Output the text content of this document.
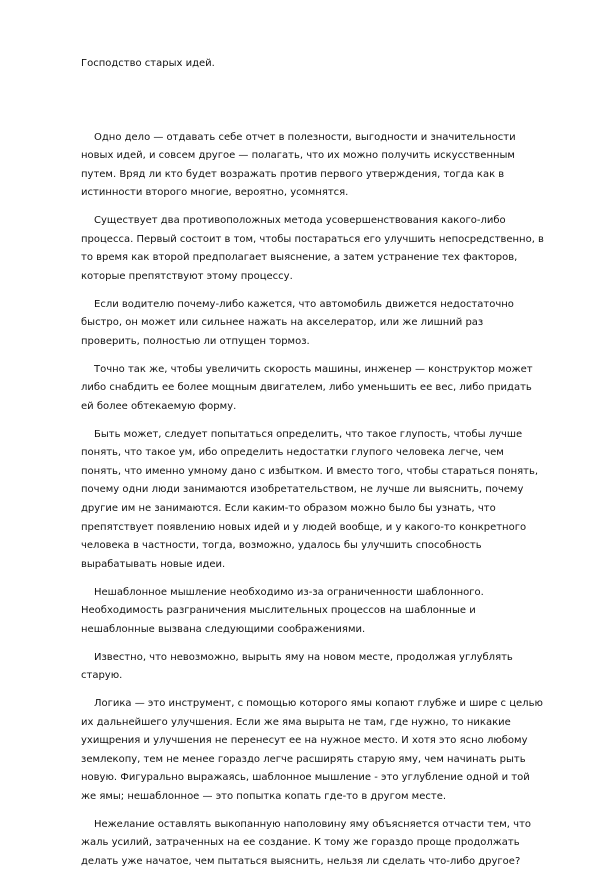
Господство старых идей.

Одно дело — отдавать себе отчет в полезности, выгодности и значительности новых идей, и совсем другое — полагать, что их можно получить искусственным путем. Вряд ли кто будет возражать против первого утверждения, тогда как в истинности второго многие, вероятно, усомнятся.

Существует два противоположных метода усовершенствования какого-либо процесса. Первый состоит в том, чтобы постараться его улучшить непосредственно, в то время как второй предполагает выяснение, а затем устранение тех факторов, которые препятствуют этому процессу.

Если водителю почему-либо кажется, что автомобиль движется недостаточно быстро, он может или сильнее нажать на акселератор, или же лишний раз проверить, полностью ли отпущен тормоз.

Точно так же, чтобы увеличить скорость машины, инженер — конструктор может либо снабдить ее более мощным двигателем, либо уменьшить ее вес, либо придать ей более обтекаемую форму.

Быть может, следует попытаться определить, что такое глупость, чтобы лучше понять, что такое ум, ибо определить недостатки глупого человека легче, чем понять, что именно умному дано с избытком. И вместо того, чтобы стараться понять, почему одни люди занимаются изобретательством, не лучше ли выяснить, почему другие им не занимаются. Если каким-то образом можно было бы узнать, что препятствует появлению новых идей и у людей вообще, и у какого-то конкретного человека в частности, тогда, возможно, удалось бы улучшить способность вырабатывать новые идеи.

Нешаблонное мышление необходимо из-за ограниченности шаблонного. Необходимость разграничения мыслительных процессов на шаблонные и нешаблонные вызвана следующими соображениями.

Известно, что невозможно, вырыть яму на новом месте, продолжая углублять старую.

Логика — это инструмент, с помощью которого ямы копают глубже и шире с целью их дальнейшего улучшения. Если же яма вырыта не там, где нужно, то никакие ухищрения и улучшения не перенесут ее на нужное место. И хотя это ясно любому землекопу, тем не менее гораздо легче расширять старую яму, чем начинать рыть новую. Фигурально выражаясь, шаблонное мышление - это углубление одной и той же ямы; нешаблонное — это попытка копать где-то в другом месте.

Нежелание оставлять выкопанную наполовину яму объясняется отчасти тем, что жаль усилий, затраченных на ее создание. К тому же гораздо проще продолжать делать уже начатое, чем пытаться выяснить, нельзя ли сделать что-либо другое?
